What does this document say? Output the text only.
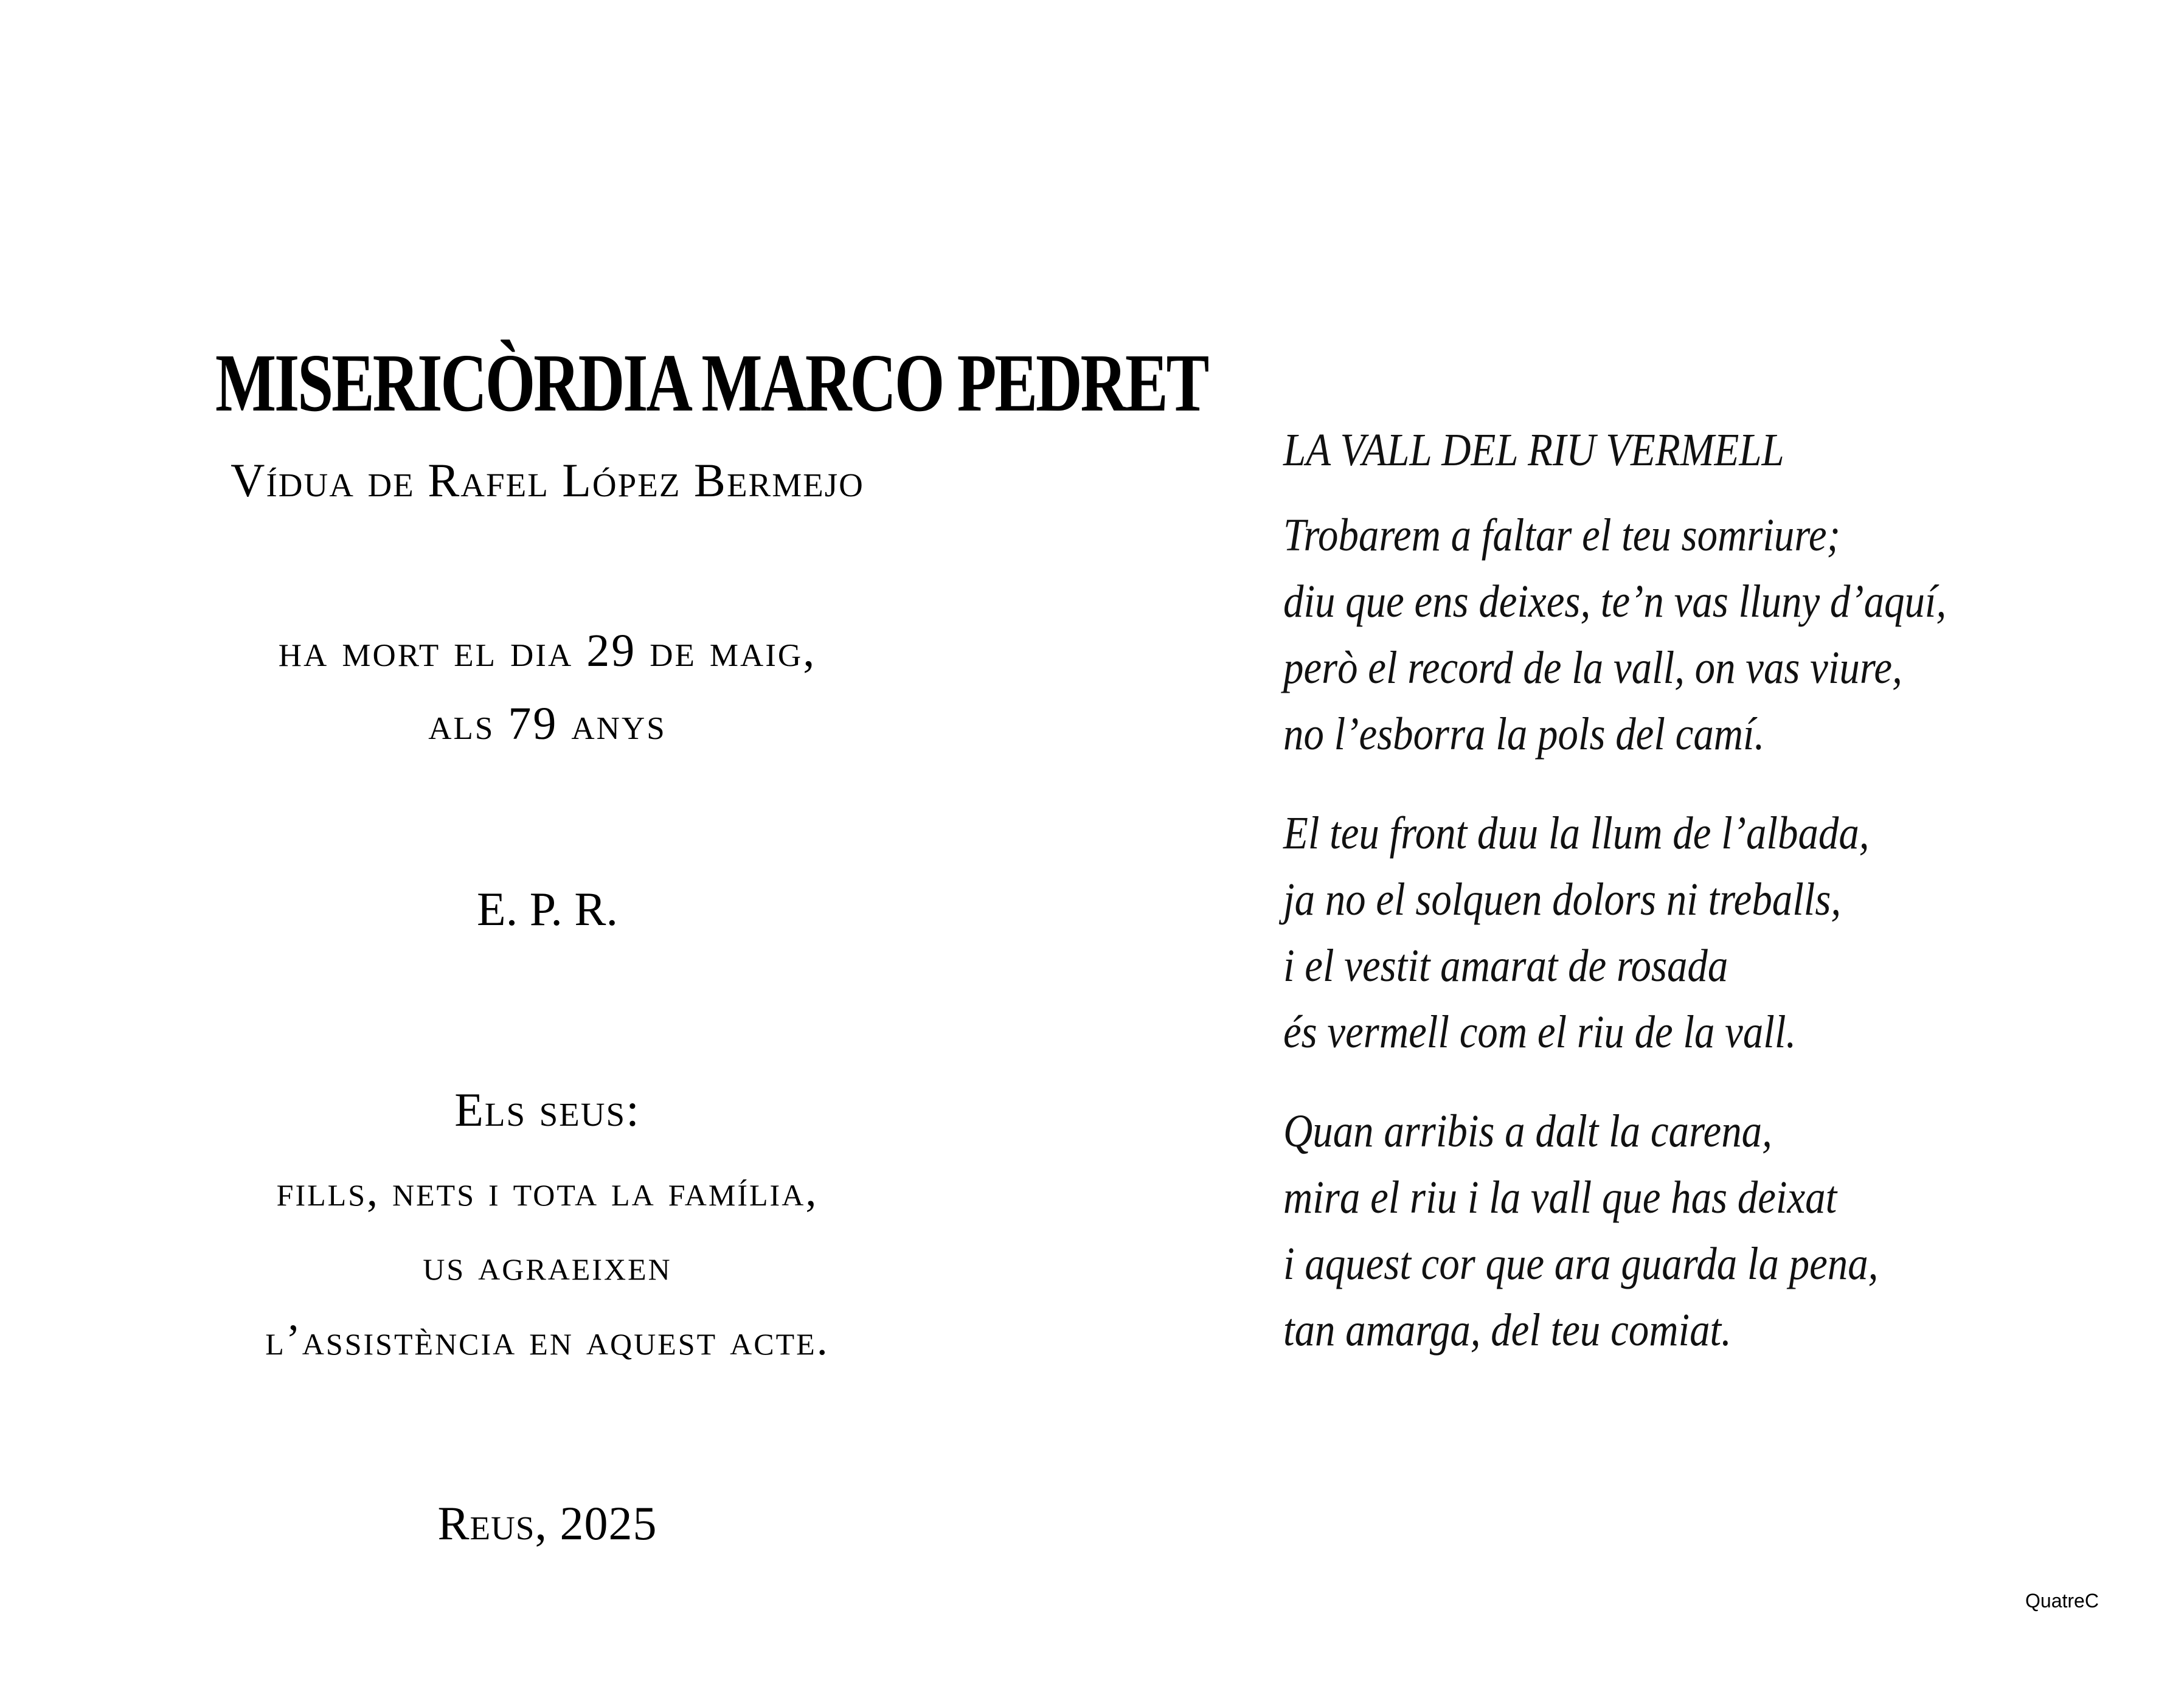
MISERICÒRDIA MARCO PEDRET
Vídua de Rafel López Bermejo
ha mort el dia 29 de maig,
als 79 anys
E. P. R.
Els seus:
fills, nets i tota la família,
us agraeixen
l’assistència en aquest acte.
Reus, 2025
LA VALL DEL RIU VERMELL
Trobarem a faltar el teu somriure;
diu que ens deixes, te’n vas lluny d’aquí,
però el record de la vall, on vas viure,
no l’esborra la pols del camí.
El teu front duu la llum de l’albada,
ja no el solquen dolors ni treballs,
i el vestit amarat de rosada
és vermell com el riu de la vall.
Quan arribis a dalt la carena,
mira el riu i la vall que has deixat
i aquest cor que ara guarda la pena,
tan amarga, del teu comiat.
QuatreC
